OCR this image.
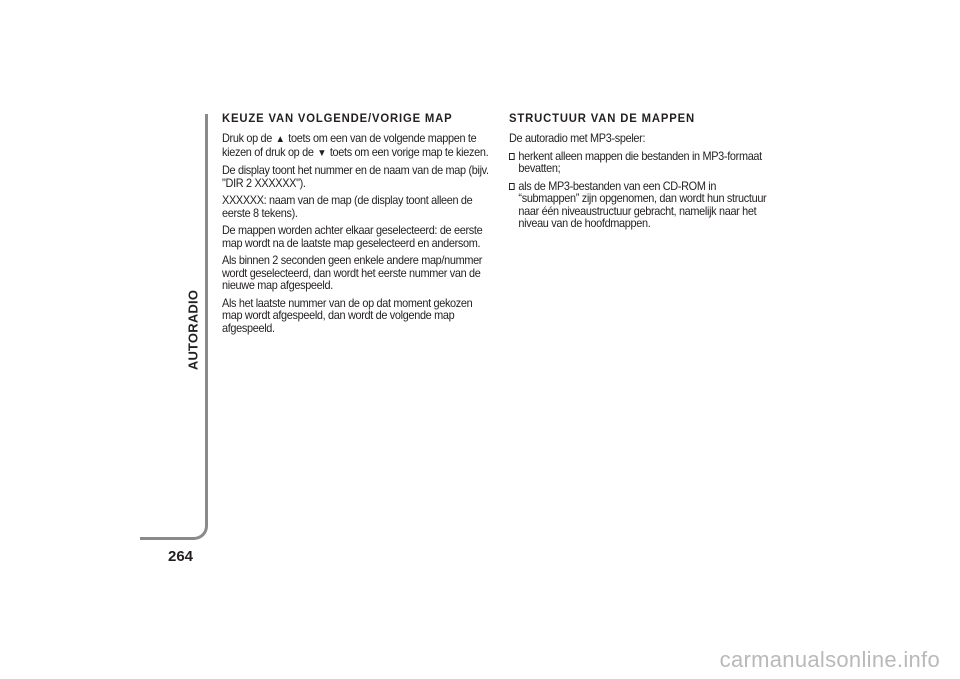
AUTORADIO
264
KEUZE VAN VOLGENDE/VORIGE MAP

Druk op de ▲ toets om een van de volgende mappen te kiezen of druk op de ▼ toets om een vorige map te kiezen.

De display toont het nummer en de naam van de map (bijv. "DIR 2 XXXXXX").

XXXXXX: naam van de map (de display toont alleen de eerste 8 tekens).

De mappen worden achter elkaar geselecteerd: de eerste map wordt na de laatste map geselecteerd en andersom.

Als binnen 2 seconden geen enkele andere map/nummer wordt geselecteerd, dan wordt het eerste nummer van de nieuwe map afgespeeld.

Als het laatste nummer van de op dat moment gekozen map wordt afgespeeld, dan wordt de volgende map afgespeeld.

STRUCTUUR VAN DE MAPPEN

De autoradio met MP3-speler:

herkent alleen mappen die bestanden in MP3-formaat bevatten;
als de MP3-bestanden van een CD-ROM in “submappen” zijn opgenomen, dan wordt hun structuur naar één niveaustructuur gebracht, namelijk naar het niveau van de hoofdmappen.
carmanualsonline.info
